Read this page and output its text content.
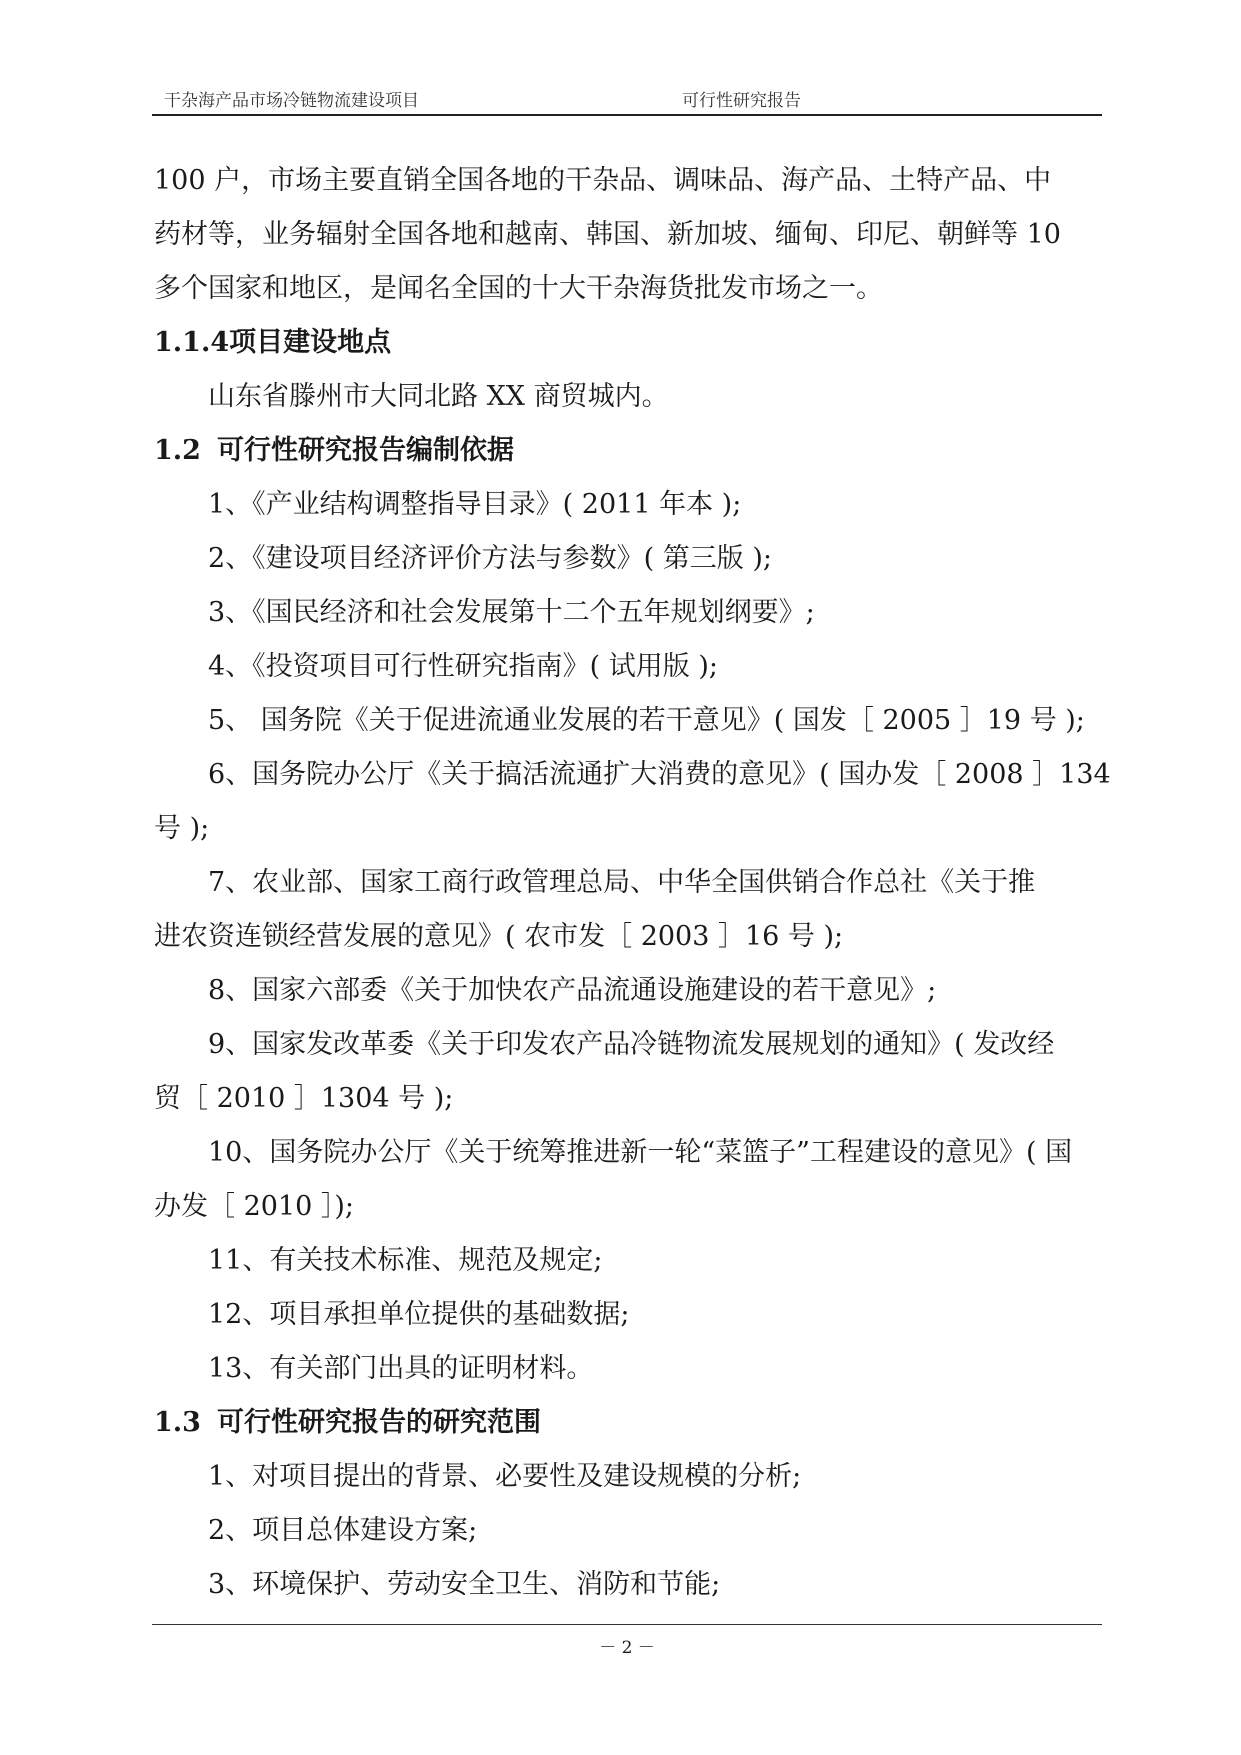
干杂海产品市场冷链物流建设项目	可行性研究报告

100 户，市场主要直销全国各地的干杂品、调味品、海产品、土特产品、中

药材等，业务辐射全国各地和越南、韩国、新加坡、缅甸、印尼、朝鲜等 10

多个国家和地区，是闻名全国的十大干杂海货批发市场之一。

1.1.4项目建设地点

山东省滕州市大同北路 XX 商贸城内。

1.2 可行性研究报告编制依据

1、《产业结构调整指导目录》( 2011 年本 );

2、《建设项目经济评价方法与参数》( 第三版 );

3、《国民经济和社会发展第十二个五年规划纲要》;

4、《投资项目可行性研究指南》( 试用版 );

5、 国务院《关于促进流通业发展的若干意见》( 国发［ 2005 ］19 号 );

6、国务院办公厅《关于搞活流通扩大消费的意见》( 国办发［ 2008 ］134

号 );

7、农业部、国家工商行政管理总局、中华全国供销合作总社《关于推

进农资连锁经营发展的意见》( 农市发［ 2003 ］16 号 );

8、国家六部委《关于加快农产品流通设施建设的若干意见》;

9、国家发改革委《关于印发农产品冷链物流发展规划的通知》( 发改经

贸［ 2010 ］1304 号 );

10、国务院办公厅《关于统筹推进新一轮“菜篮子”工程建设的意见》( 国

办发［ 2010 ］);

11、有关技术标准、规范及规定;

12、项目承担单位提供的基础数据;

13、有关部门出具的证明材料。

1.3 可行性研究报告的研究范围

1、对项目提出的背景、必要性及建设规模的分析;

2、项目总体建设方案;

3、环境保护、劳动安全卫生、消防和节能;

－ 2 －
